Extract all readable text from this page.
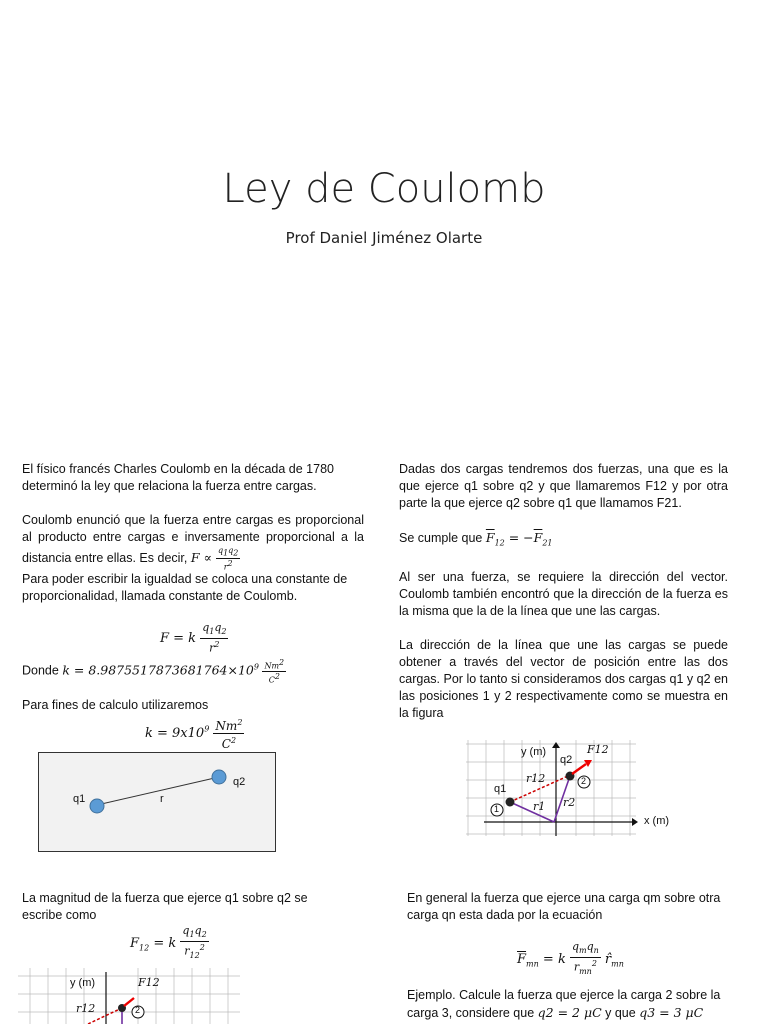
Ley de Coulomb
Prof Daniel Jiménez Olarte

El físico francés Charles Coulomb en la década de 1780 determinó la ley que relaciona la fuerza entre cargas.

Coulomb enunció que la fuerza entre cargas es proporcional al producto entre cargas e inversamente proporcional a la distancia entre ellas. Es decir, $F \propto \frac{q_1q_2}{r^2}$

Para poder escribir la igualdad se coloca una constante de proporcionalidad, llamada constante de Coulomb.

F = k $\frac{q_1q_2}{r^2}$
Donde $k = 8.9875517873681764\times 10^9 \frac{Nm^2}{C^2}$
Para fines de calculo utilizaremos
$k = 9x10^9 \frac{Nm^2}{C^2}$
q1
q2
r

La magnitud de la fuerza que ejerce q1 sobre q2 se escribe como

$F_{12} = k \frac{q_1q_2}{r_{12}^2}$
y (m)	F12
r12	2

Dadas dos cargas tendremos dos fuerzas, una que es la que ejerce q1 sobre q2 y que llamaremos F12 y por otra parte la que ejerce q2 sobre q1 que llamamos F21.

Se cumple que $\overline{F}_{12} = -\overline{F}_{21}$

Al ser una fuerza, se requiere la dirección del vector. Coulomb también encontró que la dirección de la fuerza es la misma que la de la línea que une las cargas.

La dirección de la línea que une las cargas se puede obtener a través del vector de posición entre las dos cargas. Por lo tanto si consideramos dos cargas q1 y q2 en las posiciones 1 y 2 respectivamente como se muestra en la figura

y (m)
x (m)
q1
q2
F12
r12
r1 r2
1
2

En general la fuerza que ejerce una carga qm sobre otra carga qn esta dada por la ecuación

$\overline{F}_{mn} = k \frac{q_mq_n}{r_{mn}^2}$ $r̂_{mn}$

Ejemplo. Calcule la fuerza que ejerce la carga 2 sobre la carga 3, considere que q2 = 2 μC y que q3 = 3 μC
